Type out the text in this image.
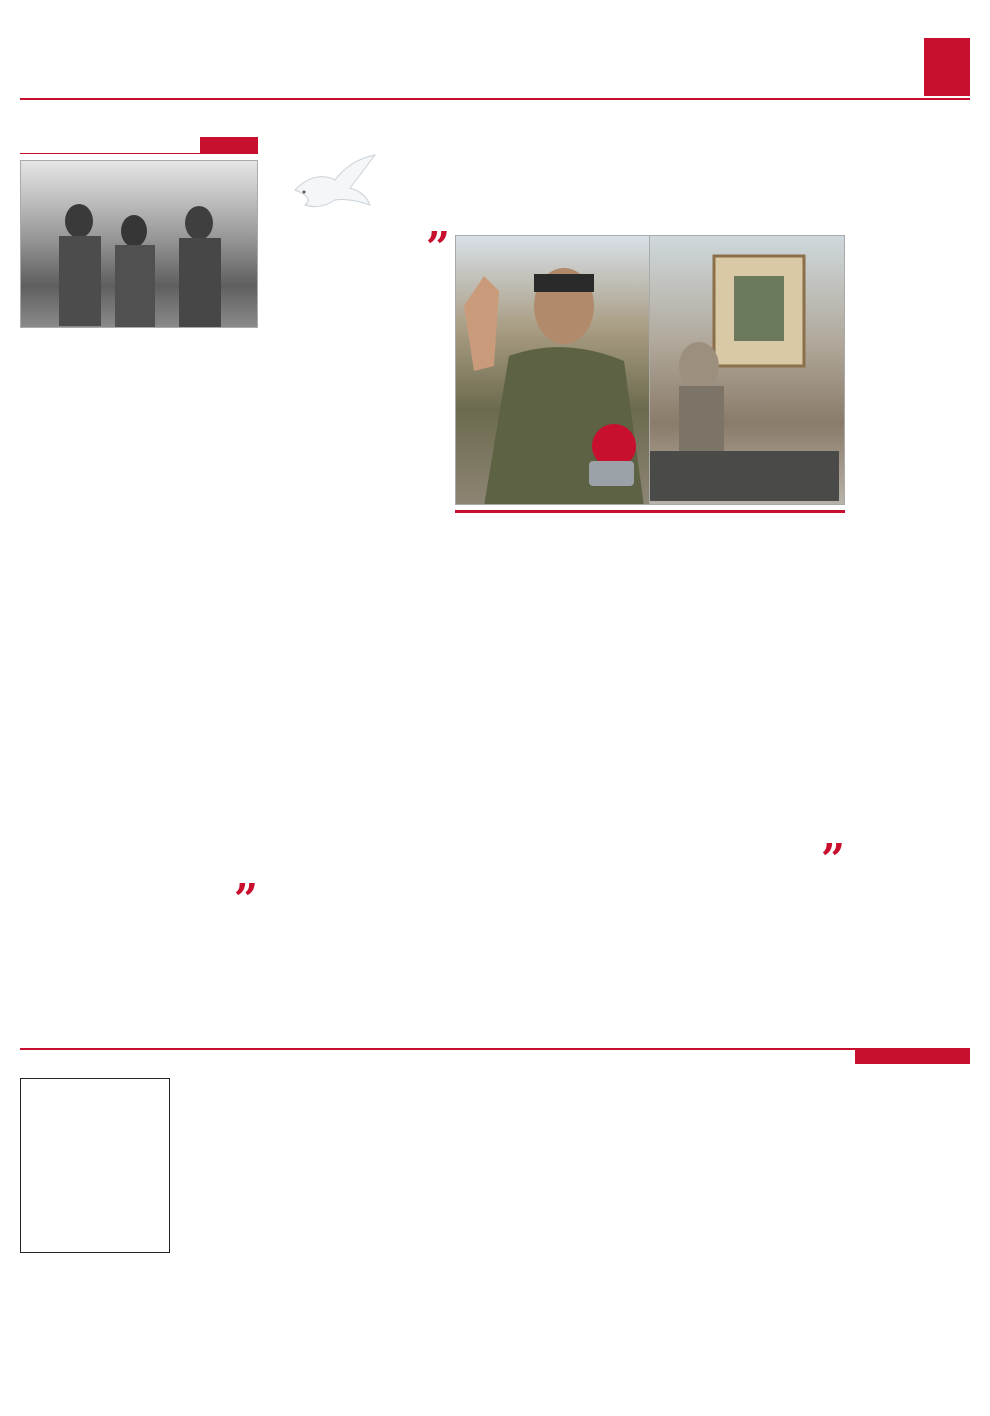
”

”

”
